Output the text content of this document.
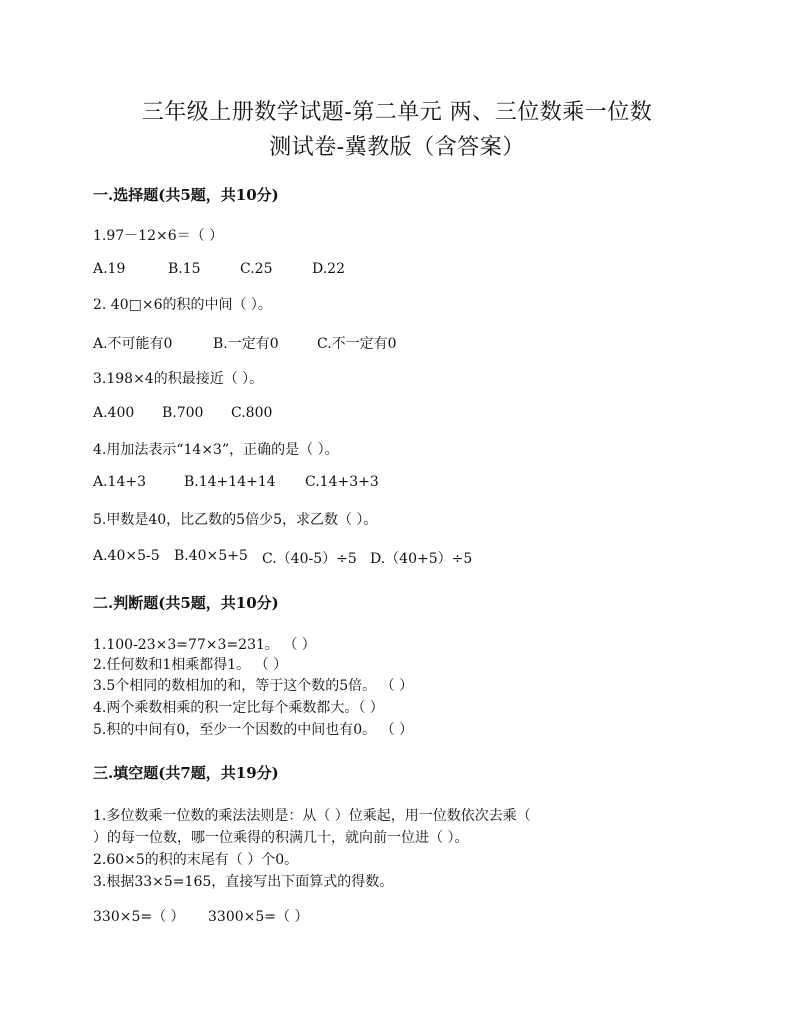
三年级上册数学试题-第二单元 两、三位数乘一位数
测试卷-冀教版（含答案）
一.选择题(共5题，共10分)
1.97－12×6＝（ ）
A.19	B.15	C.25	D.22
2. 40□×6的积的中间（ ）。
A.不可能有0	B.一定有0	C.不一定有0
3.198×4的积最接近（ ）。
A.400 B.700 C.800
4.用加法表示“14×3”，正确的是（ ）。
A.14+3	B.14+14+14 C.14+3+3
5.甲数是40，比乙数的5倍少5，求乙数（ ）。
A.40×5-5 B.40×5+5 C.（40-5）÷5 D.（40+5）÷5
二.判断题(共5题，共10分)
1.100-23×3=77×3=231。 （ ）
2.任何数和1相乘都得1。 （ ）
3.5个相同的数相加的和，等于这个数的5倍。 （ ）
4.两个乘数相乘的积一定比每个乘数都大。（ ）
5.积的中间有0，至少一个因数的中间也有0。 （ ）
三.填空题(共7题，共19分)
1.多位数乘一位数的乘法法则是：从（ ）位乘起，用一位数依次去乘（
）的每一位数，哪一位乘得的积满几十，就向前一位进（ ）。
2.60×5的积的末尾有（ ）个0。
3.根据33×5=165，直接写出下面算式的得数。
330×5=（ ） 3300×5=（ ）
